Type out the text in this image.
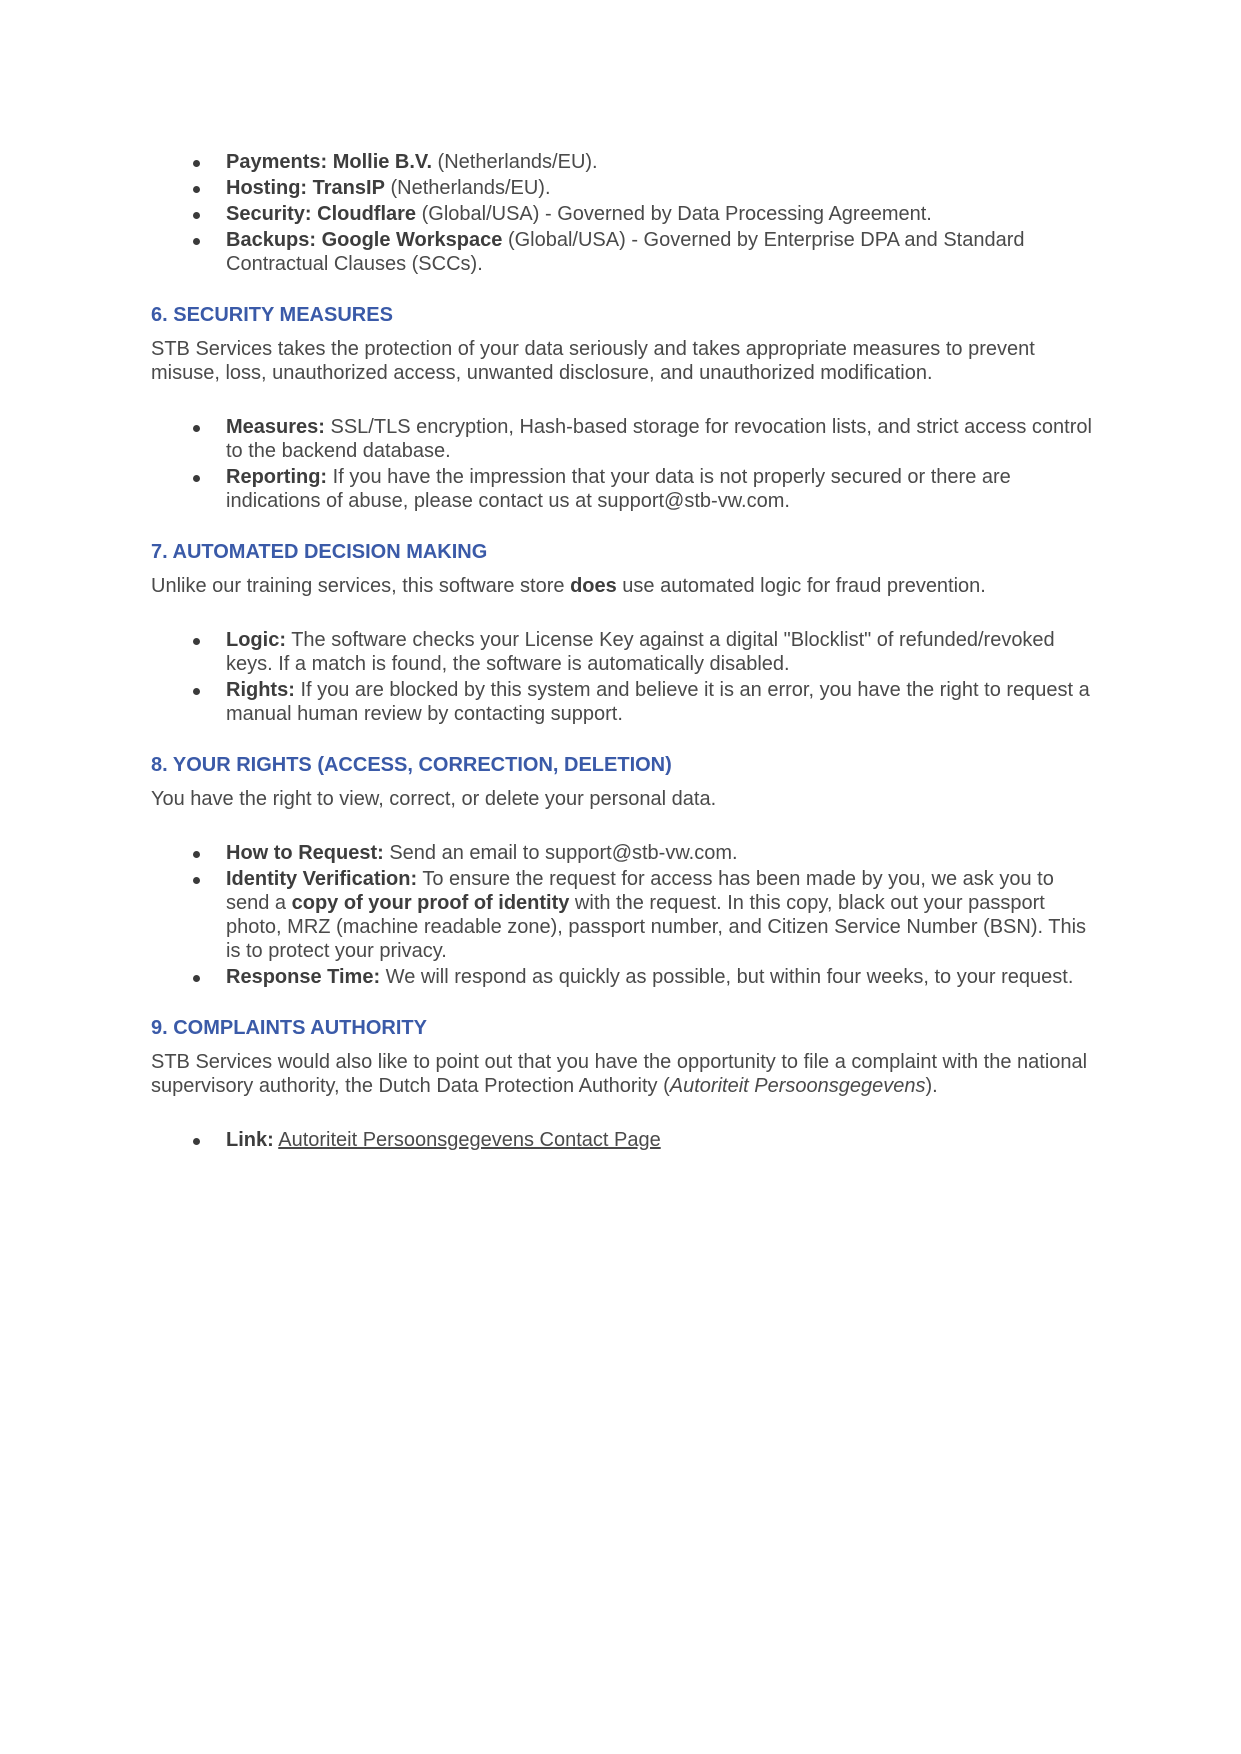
Payments: Mollie B.V. (Netherlands/EU).
Hosting: TransIP (Netherlands/EU).
Security: Cloudflare (Global/USA) - Governed by Data Processing Agreement.
Backups: Google Workspace (Global/USA) - Governed by Enterprise DPA and Standard Contractual Clauses (SCCs).
6. SECURITY MEASURES

STB Services takes the protection of your data seriously and takes appropriate measures to prevent misuse, loss, unauthorized access, unwanted disclosure, and unauthorized modification.

Measures: SSL/TLS encryption, Hash-based storage for revocation lists, and strict access control to the backend database.
Reporting: If you have the impression that your data is not properly secured or there are indications of abuse, please contact us at support@stb-vw.com.
7. AUTOMATED DECISION MAKING

Unlike our training services, this software store does use automated logic for fraud prevention.

Logic: The software checks your License Key against a digital "Blocklist" of refunded/revoked keys. If a match is found, the software is automatically disabled.
Rights: If you are blocked by this system and believe it is an error, you have the right to request a manual human review by contacting support.
8. YOUR RIGHTS (ACCESS, CORRECTION, DELETION)

You have the right to view, correct, or delete your personal data.

How to Request: Send an email to support@stb-vw.com.
Identity Verification: To ensure the request for access has been made by you, we ask you to send a copy of your proof of identity with the request. In this copy, black out your passport photo, MRZ (machine readable zone), passport number, and Citizen Service Number (BSN). This is to protect your privacy.
Response Time: We will respond as quickly as possible, but within four weeks, to your request.
9. COMPLAINTS AUTHORITY

STB Services would also like to point out that you have the opportunity to file a complaint with the national supervisory authority, the Dutch Data Protection Authority (Autoriteit Persoonsgegevens).

Link: Autoriteit Persoonsgegevens Contact Page
